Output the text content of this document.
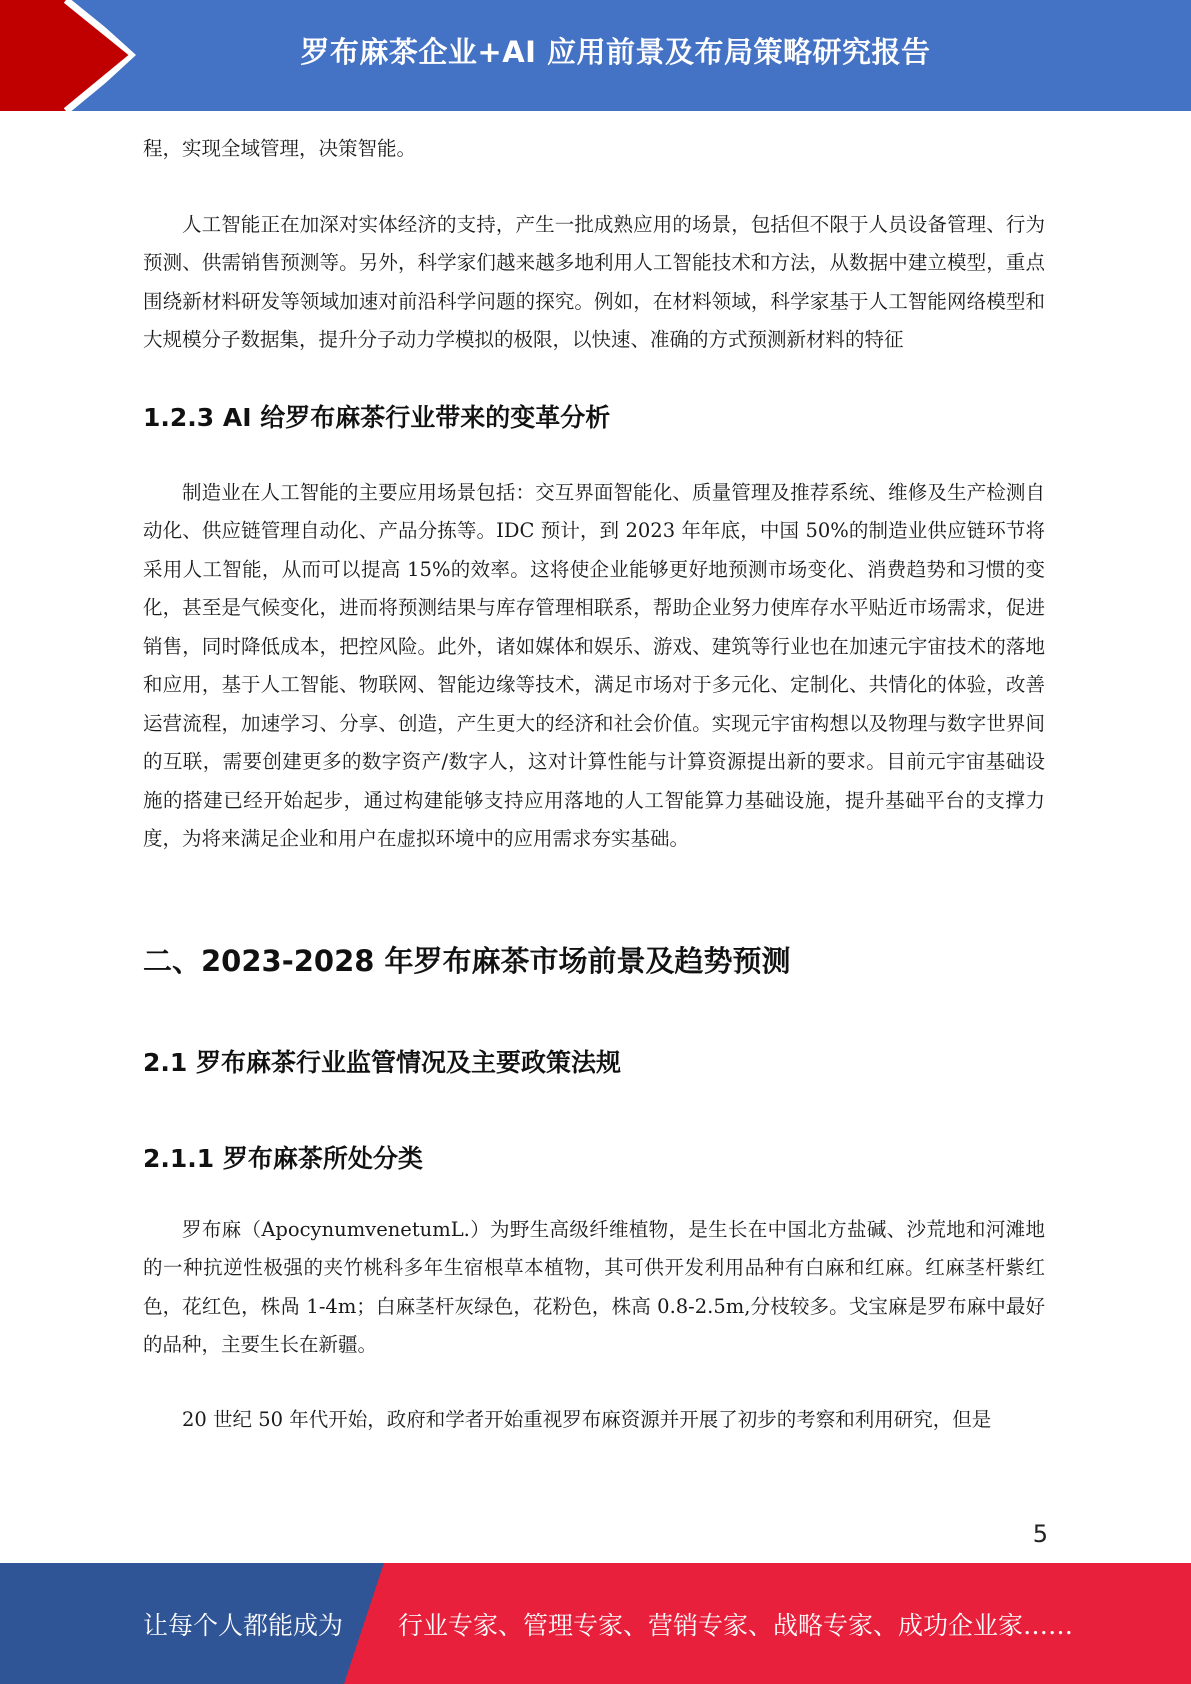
罗布麻茶企业+AI 应用前景及布局策略研究报告

程，实现全域管理，决策智能。

人工智能正在加深对实体经济的支持，产生一批成熟应用的场景，包括但不限于人员设备管理、行为预测、供需销售预测等。另外，科学家们越来越多地利用人工智能技术和方法，从数据中建立模型，重点围绕新材料研发等领域加速对前沿科学问题的探究。例如，在材料领域，科学家基于人工智能网络模型和大规模分子数据集，提升分子动力学模拟的极限，以快速、准确的方式预测新材料的特征

1.2.3 AI 给罗布麻茶行业带来的变革分析

制造业在人工智能的主要应用场景包括：交互界面智能化、质量管理及推荐系统、维修及生产检测自动化、供应链管理自动化、产品分拣等。IDC 预计，到 2023 年年底，中国 50%的制造业供应链环节将采用人工智能，从而可以提高 15%的效率。这将使企业能够更好地预测市场变化、消费趋势和习惯的变化，甚至是气候变化，进而将预测结果与库存管理相联系，帮助企业努力使库存水平贴近市场需求，促进销售，同时降低成本，把控风险。此外，诸如媒体和娱乐、游戏、建筑等行业也在加速元宇宙技术的落地和应用，基于人工智能、物联网、智能边缘等技术，满足市场对于多元化、定制化、共情化的体验，改善运营流程，加速学习、分享、创造，产生更大的经济和社会价值。实现元宇宙构想以及物理与数字世界间的互联，需要创建更多的数字资产/数字人，这对计算性能与计算资源提出新的要求。目前元宇宙基础设施的搭建已经开始起步，通过构建能够支持应用落地的人工智能算力基础设施，提升基础平台的支撑力度，为将来满足企业和用户在虚拟环境中的应用需求夯实基础。

二、2023-2028 年罗布麻茶市场前景及趋势预测
2.1 罗布麻茶行业监管情况及主要政策法规
2.1.1 罗布麻茶所处分类

罗布麻（ApocynumvenetumL.）为野生高级纤维植物，是生长在中国北方盐碱、沙荒地和河滩地的一种抗逆性极强的夹竹桃科多年生宿根草本植物，其可供开发利用品种有白麻和红麻。红麻茎杆紫红色，花红色，株咼 1-4m；白麻茎杆灰绿色，花粉色，株高 0.8-2.5m,分枝较多。戈宝麻是罗布麻中最好的品种，主要生长在新疆。

20 世纪 50 年代开始，政府和学者开始重视罗布麻资源并开展了初步的考察和利用研究，但是

5
让每个人都能成为 行业专家、管理专家、营销专家、战略专家、成功企业家……
